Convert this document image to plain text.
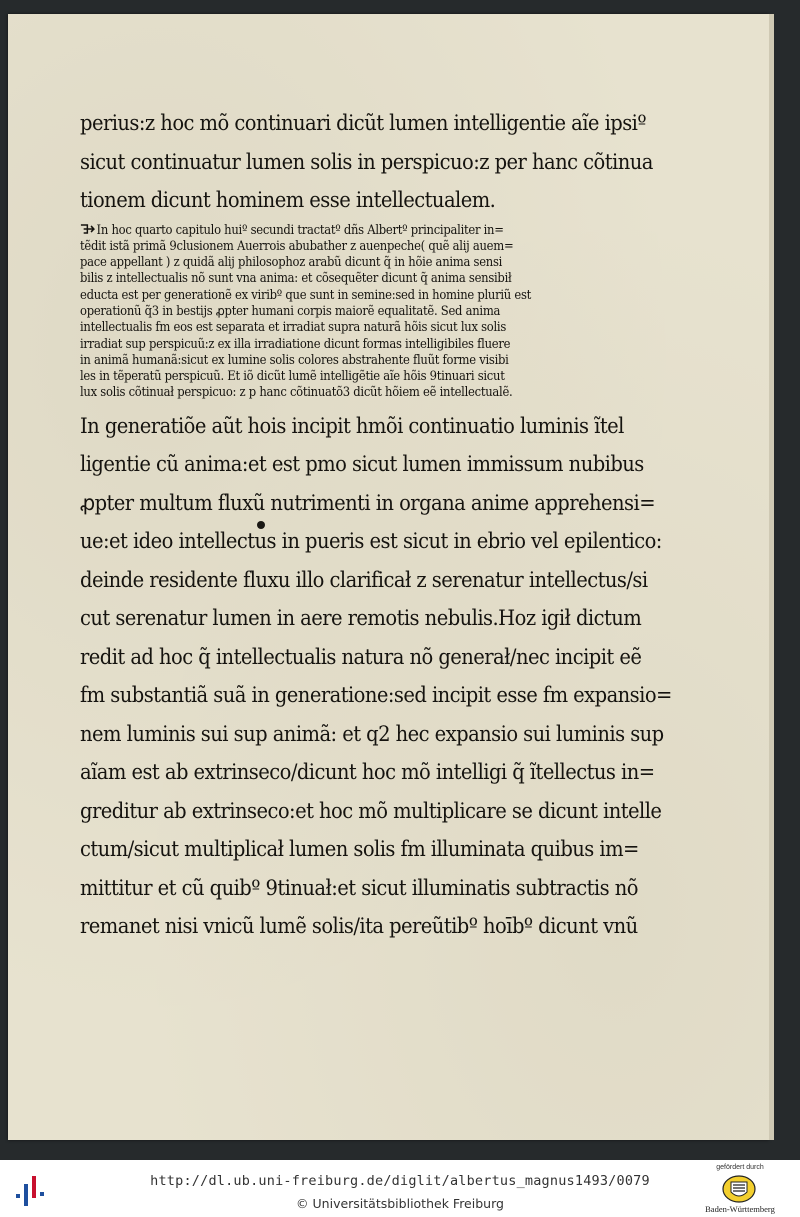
perius:z hoc mõ continuari dicũt lumen intelligentie aĩe ipsiº
sicut continuatur lumen solis in perspicuo:z per hanc cõtinua
tionem dicunt hominem esse intellectualem.
In hoc quarto capitulo huiº secundi tractatº dñs Albertº principaliter in=
tẽdit istã primã 9clusionem Auerrois abubather z auenpeche( quẽ alij auem=
pace appellant ) z quidã alij philosophoz arabũ dicunt q̃ in hõie anima sensi
bilis z intellectualis nõ sunt vna anima: et cõsequẽter dicunt q̃ anima sensibił
educta est per generationẽ ex viribº que sunt in semine:sed in homine pluriũ est
operationũ q̃3 in bestijs ꝓpter humani corpis maiorẽ equalitatẽ. Sed anima
intellectualis fm eos est separata et irradiat supra naturã hõis sicut lux solis
irradiat sup perspicuũ:z ex illa irradiatione dicunt formas intelligibiles fluere
in animã humanã:sicut ex lumine solis colores abstrahente fluũt forme visibi
les in tẽperatũ perspicuũ. Et iõ dicũt lumẽ intelligẽtie aĩe hõis 9tinuari sicut
lux solis cõtinuał perspicuo: z p hanc cõtinuatõ3 dicũt hõiem eẽ intellectualẽ.
In generatiõe aũt hois incipit hmõi continuatio luminis ĩtel
ligentie cũ anima:et est pmo sicut lumen immissum nubibus
ꝓpter multum fluxũ nutrimenti in organa anime apprehensi=
ue:et ideo intellectus in pueris est sicut in ebrio vel epilentico:
deinde residente fluxu illo clarificał z serenatur intellectus/si
cut serenatur lumen in aere remotis nebulis.Hoz igił dictum
redit ad hoc q̃ intellectualis natura nõ generał/nec incipit eẽ
fm substantiã suã in generatione:sed incipit esse fm expansio=
nem luminis sui sup animã: et q2 hec expansio sui luminis sup
aĩam est ab extrinseco/dicunt hoc mõ intelligi q̃ ĩtellectus in=
greditur ab extrinseco:et hoc mõ multiplicare se dicunt intelle
ctum/sicut multiplicał lumen solis fm illuminata quibus im=
mittitur et cũ quibº 9tinuał:et sicut illuminatis subtractis nõ
remanet nisi vnicũ lumẽ solis/ita pereũtibº hoībº dicunt vnũ
http://dl.ub.uni-freiburg.de/diglit/albertus_magnus1493/0079
© Universitätsbibliothek Freiburg
gefördert durch
Baden-Württemberg
